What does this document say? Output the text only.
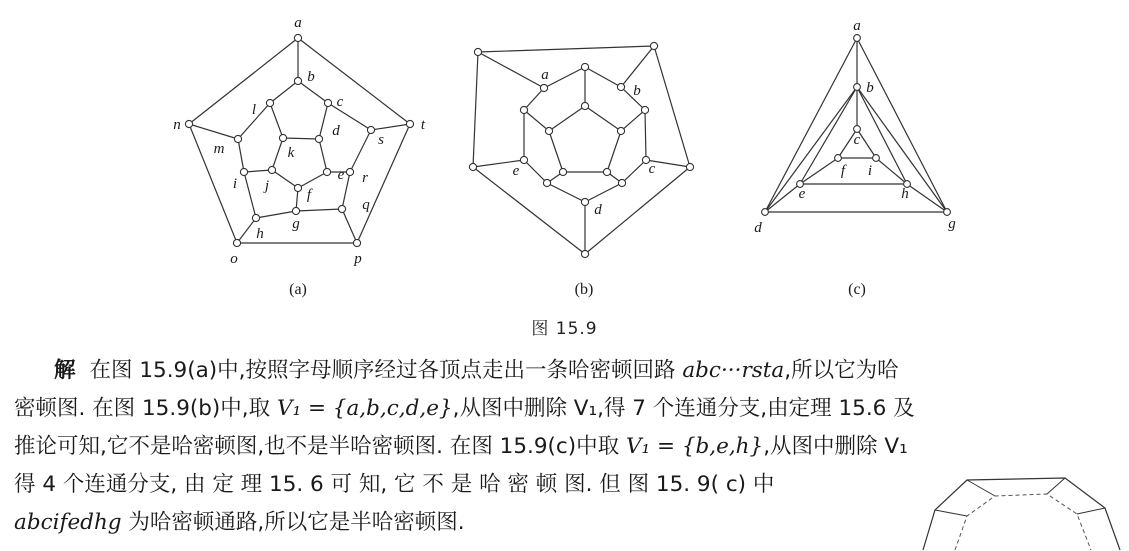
a
b
c
d
e
f
g
h
i j
k
l
m
n
o	p
q
r
s
t
a
b
c
d
e
a
b
c
d
e
f
g
h
i
(a)	(b)	(c)
图 15.9
解 在图 15.9(a)中,按照字母顺序经过各顶点走出一条哈密顿回路 abc···rsta,所以它为哈
密顿图. 在图 15.9(b)中,取 V₁ = {a,b,c,d,e},从图中删除 V₁,得 7 个连通分支,由定理 15.6 及
推论可知,它不是哈密顿图,也不是半哈密顿图. 在图 15.9(c)中取 V₁ = {b,e,h},从图中删除 V₁
得 4 个连通分支, 由 定 理 15. 6 可 知, 它 不 是 哈 密 顿 图. 但 图 15. 9( c) 中
abcifedhg 为哈密顿通路,所以它是半哈密顿图.
